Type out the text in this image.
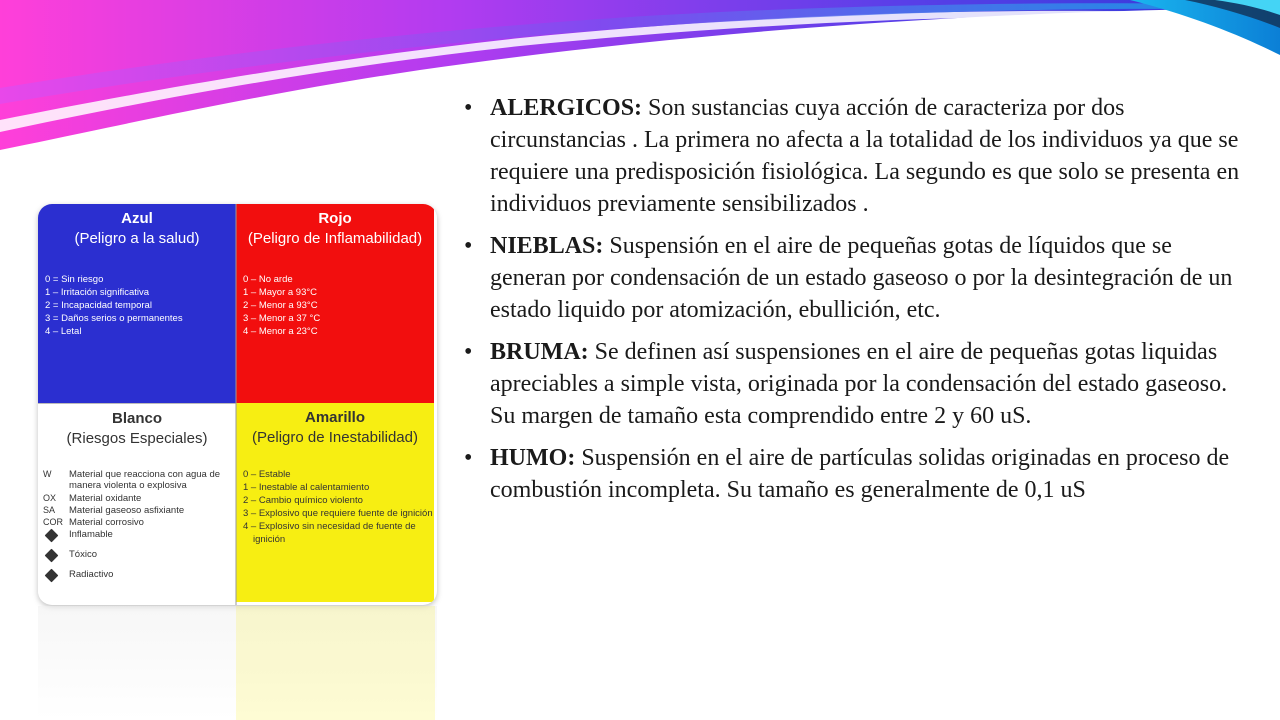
Azul
(Peligro a la salud)
0 = Sin riesgo
1 – Irritación significativa
2 = Incapacidad temporal
3 = Daños serios o permanentes
4 – Letal
Rojo
(Peligro de Inflamabilidad)
0 – No arde
1 – Mayor a 93°C
2 – Menor a 93°C
3 – Menor a 37 °C
4 – Menor a 23°C
Blanco
(Riesgos Especiales)
W	Material que reacciona con agua de manera violenta o explosiva
OX	Material oxidante
SA	Material gaseoso asfixiante
COR Material corrosivo
Inflamable
Tóxico
Radiactivo
Amarillo
(Peligro de Inestabilidad)
0 – Estable
1 – Inestable al calentamiento
2 – Cambio químico violento
3 – Explosivo que requiere fuente de ignición
4 – Explosivo sin necesidad de fuente de ignición
• ALERGICOS: Son sustancias cuya acción de caracteriza por dos circunstancias . La primera no afecta a la totalidad de los individuos ya que se requiere una predisposición fisiológica. La segundo es que solo se presenta en individuos previamente sensibilizados .
• NIEBLAS: Suspensión en el aire de pequeñas gotas de líquidos que se generan por condensación de un estado gaseoso o por la desintegración de un estado liquido por atomización, ebullición, etc.
• BRUMA: Se definen así suspensiones en el aire de pequeñas gotas liquidas apreciables a simple vista, originada por la condensación del estado gaseoso. Su margen de tamaño esta comprendido entre 2 y 60 uS.
• HUMO: Suspensión en el aire de partículas solidas originadas en proceso de combustión incompleta. Su tamaño es generalmente de 0,1 uS
